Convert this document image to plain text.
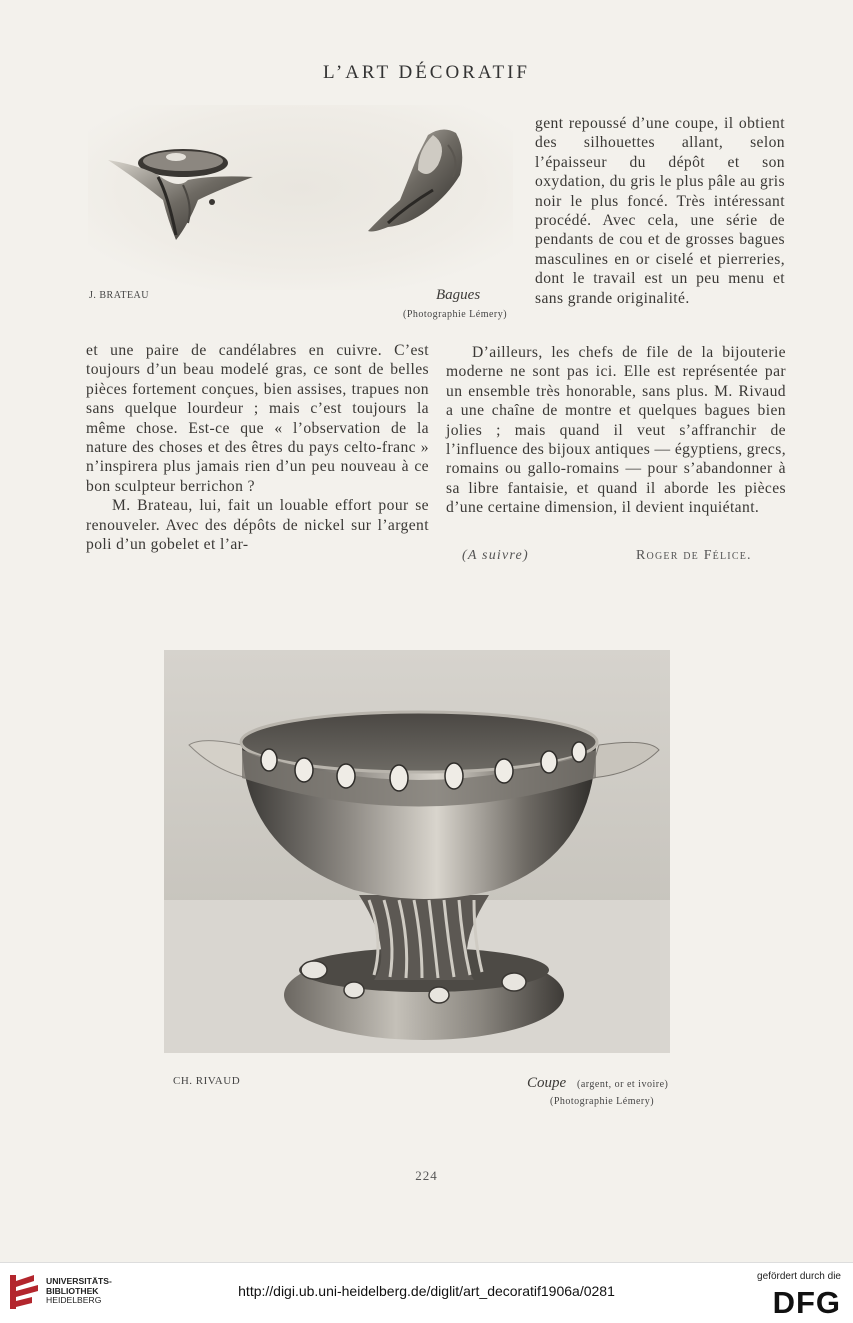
L’ART DÉCORATIF
J. BRATEAU	Bagues
(Photographie Lémery)

gent repoussé d’une coupe, il obtient des silhouettes allant, selon l’épaisseur du dépôt et son oxydation, du gris le plus pâle au gris noir le plus foncé. Très intéressant procédé. Avec cela, une série de pendants de cou et de grosses bagues masculines en or ciselé et pierreries, dont le travail est un peu menu et sans grande originalité.

D’ailleurs, les chefs de file de la bijouterie moderne ne sont pas ici. Elle est représentée par un ensemble très honorable, sans plus. M. Rivaud a une chaîne de montre et quelques bagues bien jolies ; mais quand il veut s’affranchir de l’influence des bijoux antiques — égyptiens, grecs, romains ou gallo-romains — pour s’abandonner à sa libre fantaisie, et quand il aborde les pièces d’une certaine dimension, il devient inquiétant.

et une paire de candélabres en cuivre. C’est toujours d’un beau modelé gras, ce sont de belles pièces fortement conçues, bien assises, trapues non sans quelque lourdeur ; mais c’est toujours la même chose. Est-ce que « l’observation de la nature des choses et des êtres du pays celto-franc » n’inspirera plus jamais rien d’un peu nouveau à ce bon sculpteur berrichon ?

M. Brateau, lui, fait un louable effort pour se renouveler. Avec des dépôts de nickel sur l’argent poli d’un gobelet et l’ar-

(A suivre)	Roger de Félice.
CH. RIVAUD	Coupe (argent, or et ivoire)
(Photographie Lémery)
224
UNIVERSITÄTS-
BIBLIOTHEK
HEIDELBERG
http://digi.ub.uni-heidelberg.de/diglit/art_decoratif1906a/0281
gefördert durch die
DFG
